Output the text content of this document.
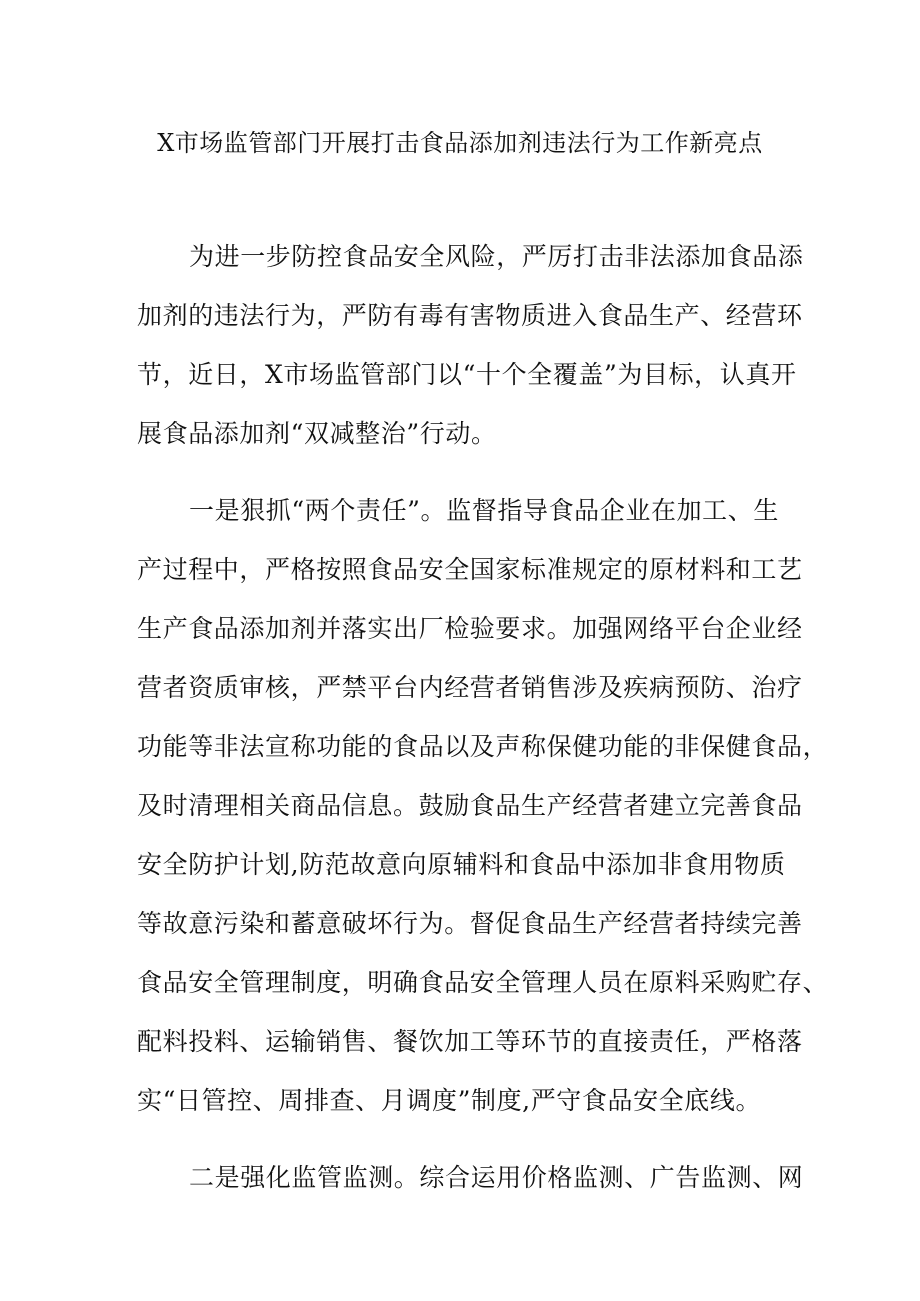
X市场监管部门开展打击食品添加剂违法行为工作新亮点
为进一步防控食品安全风险，严厉打击非法添加食品添
加剂的违法行为，严防有毒有害物质进入食品生产、经营环
节，近日，X市场监管部门以“十个全覆盖”为目标，认真开
展食品添加剂“双减整治”行动。
一是狠抓“两个责任”。监督指导食品企业在加工、生
产过程中，严格按照食品安全国家标准规定的原材料和工艺
生产食品添加剂并落实出厂检验要求。加强网络平台企业经
营者资质审核，严禁平台内经营者销售涉及疾病预防、治疗
功能等非法宣称功能的食品以及声称保健功能的非保健食品，
及时清理相关商品信息。鼓励食品生产经营者建立完善食品
安全防护计划,防范故意向原辅料和食品中添加非食用物质
等故意污染和蓄意破坏行为。督促食品生产经营者持续完善
食品安全管理制度，明确食品安全管理人员在原料采购贮存、
配料投料、运输销售、餐饮加工等环节的直接责任，严格落
实“日管控、周排查、月调度”制度,严守食品安全底线。
二是强化监管监测。综合运用价格监测、广告监测、网
